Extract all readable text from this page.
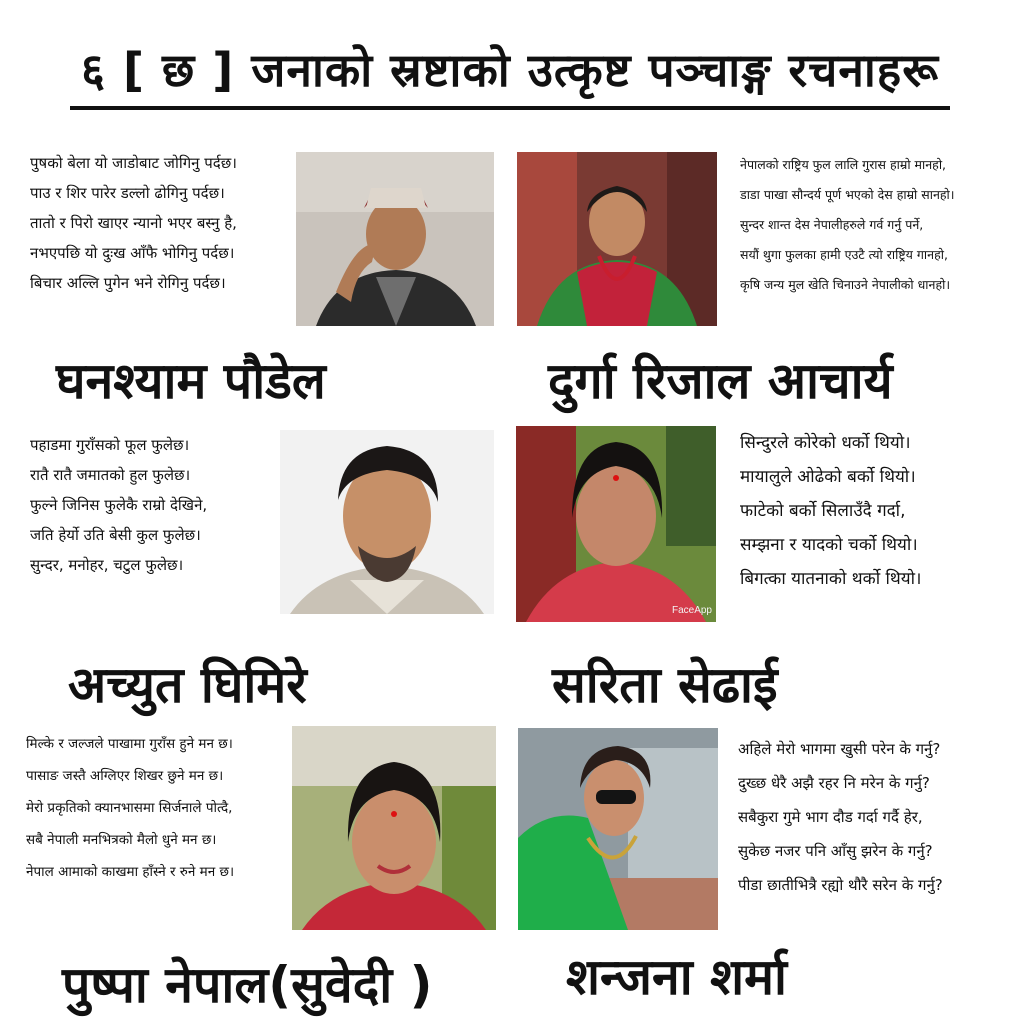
६ [ छ ] जनाको स्रष्टाको उत्कृष्ट पञ्चाङ्ग रचनाहरू
पुषको बेला यो जाडोबाट जोगिनु पर्दछ।
पाउ र शिर पारेर डल्लो ढोगिनु पर्दछ।
तातो र पिरो खाएर न्यानो भएर बस्नु है,
नभएपछि यो दुःख आँफै भोगिनु पर्दछ।
बिचार अल्लि पुगेन भने रोगिनु पर्दछ।
घनश्याम पौडेल
नेपालको राष्ट्रिय फुल लालि गुरास हाम्रो मानहो,
डाडा पाखा सौन्दर्य पूर्ण भएको देस हाम्रो सानहो।
सुन्दर शान्त देस नेपालीहरुले गर्व गर्नु पर्ने,
सयौं थुगा फुलका हामी एउटै त्यो राष्ट्रिय गानहो,
कृषि जन्य मुल खेति चिनाउने नेपालीको धानहो।
दुर्गा रिजाल आचार्य
पहाडमा गुराँसको फूल फुलेछ।
रातै रातै जमातको हुल फुलेछ।
फुल्ने जिनिस फुलेकै राम्रो देखिने,
जति हेर्यो उति बेसी कुल फुलेछ।
सुन्दर, मनोहर, चटुल फुलेछ।
अच्युत घिमिरे
FaceApp
सिन्दुरले कोरेको धर्को थियो।
मायालुले ओढेको बर्को थियो।
फाटेको बर्को सिलाउँदै गर्दा,
सम्झना र यादको चर्को थियो।
बिगत्का यातनाको थर्को थियो।
सरिता सेढाई
मिल्के र जल्जले पाखामा गुराँस हुने मन छ।
पासाङ जस्तै अग्लिएर शिखर छुने मन छ।
मेरो प्रकृतिको क्यानभासमा सिर्जनाले पोत्दै,
सबै नेपाली मनभित्रको मैलो धुने मन छ।
नेपाल आमाको काखमा हाँस्ने र रुने मन छ।
पुष्पा नेपाल(सुवेदी )
अहिले मेरो भागमा खुसी परेन के गर्नु?
दुख्छ धेरै अझै रहर नि मरेन के गर्नु?
सबैकुरा गुमे भाग दौड गर्दा गर्दै हेर,
सुकेछ नजर पनि आँसु झरेन के गर्नु?
पीडा छातीभित्रै रह्यो थौरै सरेन के गर्नु?
शन्जना शर्मा
